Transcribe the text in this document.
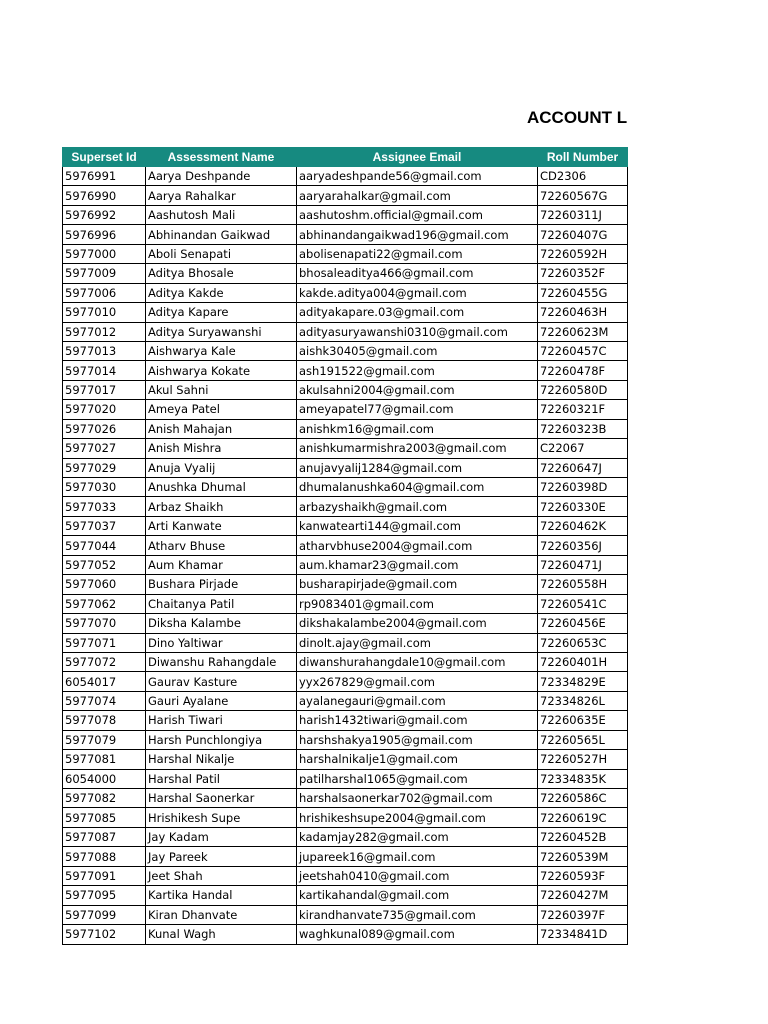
ACCOUNT L
Superset Id	Assessment Name	Assignee Email	Roll Number
5976991	Aarya Deshpande	aaryadeshpande56@gmail.com	CD2306
5976990	Aarya Rahalkar	aaryarahalkar@gmail.com	72260567G
5976992	Aashutosh Mali	aashutoshm.official@gmail.com	72260311J
5976996	Abhinandan Gaikwad	abhinandangaikwad196@gmail.com	72260407G
5977000	Aboli Senapati	abolisenapati22@gmail.com	72260592H
5977009	Aditya Bhosale	bhosaleaditya466@gmail.com	72260352F
5977006	Aditya Kakde	kakde.aditya004@gmail.com	72260455G
5977010	Aditya Kapare	adityakapare.03@gmail.com	72260463H
5977012	Aditya Suryawanshi	adityasuryawanshi0310@gmail.com	72260623M
5977013	Aishwarya Kale	aishk30405@gmail.com	72260457C
5977014	Aishwarya Kokate	ash191522@gmail.com	72260478F
5977017	Akul Sahni	akulsahni2004@gmail.com	72260580D
5977020	Ameya Patel	ameyapatel77@gmail.com	72260321F
5977026	Anish Mahajan	anishkm16@gmail.com	72260323B
5977027	Anish Mishra	anishkumarmishra2003@gmail.com	C22067
5977029	Anuja Vyalij	anujavyalij1284@gmail.com	72260647J
5977030	Anushka Dhumal	dhumalanushka604@gmail.com	72260398D
5977033	Arbaz Shaikh	arbazyshaikh@gmail.com	72260330E
5977037	Arti Kanwate	kanwatearti144@gmail.com	72260462K
5977044	Atharv Bhuse	atharvbhuse2004@gmail.com	72260356J
5977052	Aum Khamar	aum.khamar23@gmail.com	72260471J
5977060	Bushara Pirjade	busharapirjade@gmail.com	72260558H
5977062	Chaitanya Patil	rp9083401@gmail.com	72260541C
5977070	Diksha Kalambe	dikshakalambe2004@gmail.com	72260456E
5977071	Dino Yaltiwar	dinolt.ajay@gmail.com	72260653C
5977072	Diwanshu Rahangdale	diwanshurahangdale10@gmail.com	72260401H
6054017	Gaurav Kasture	yyx267829@gmail.com	72334829E
5977074	Gauri Ayalane	ayalanegauri@gmail.com	72334826L
5977078	Harish Tiwari	harish1432tiwari@gmail.com	72260635E
5977079	Harsh Punchlongiya	harshshakya1905@gmail.com	72260565L
5977081	Harshal Nikalje	harshalnikalje1@gmail.com	72260527H
6054000	Harshal Patil	patilharshal1065@gmail.com	72334835K
5977082	Harshal Saonerkar	harshalsaonerkar702@gmail.com	72260586C
5977085	Hrishikesh Supe	hrishikeshsupe2004@gmail.com	72260619C
5977087	Jay Kadam	kadamjay282@gmail.com	72260452B
5977088	Jay Pareek	jupareek16@gmail.com	72260539M
5977091	Jeet Shah	jeetshah0410@gmail.com	72260593F
5977095	Kartika Handal	kartikahandal@gmail.com	72260427M
5977099	Kiran Dhanvate	kirandhanvate735@gmail.com	72260397F
5977102	Kunal Wagh	waghkunal089@gmail.com	72334841D
